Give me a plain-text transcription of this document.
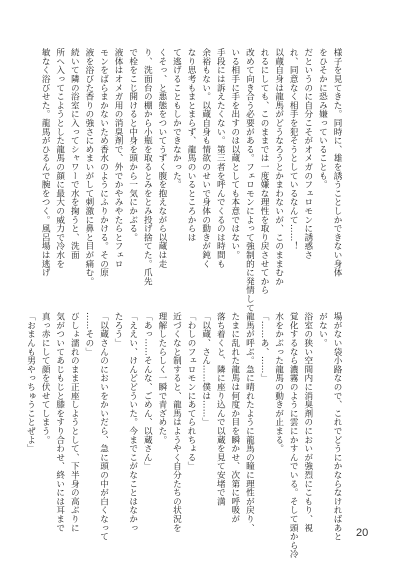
様子を見てきた。同時に、雄を誘うことしかできない身体

をひそかに恐み嫌っていることも。

だというのに自分こそがオメガのフェロモンに誘惑さ

れ、同意なく相手を犯そうとしているなんて……！

以蔵自身は龍馬がどうなろうとかまわないが、このままむか

れるにしても、このままでは一度嫌な理性を取り戻させてから

改めて向き合う必要がある。フェロモンによって強制的に発情して

いる相手に手を出すのは以蔵としても本意ではない。

手段には訴えたくない。第三者を呼んでくるのは時間も

余裕もない。以蔵自身も情欲のせいで身体の動きが鈍く

なり思考もまとまらず、龍馬のいるところからは

て逃げることもしかできなかった。

くそっ、と悪態をついてうずく腹を抱えながら以蔵は走

り、洗面台の棚から小瓶を取るとみをとみ投げ捨てた。爪先

で栓をこじ開けると中身を頭から一気にかぶる。

液体はオメガ用の消臭剤で、外でかやみやたらとフェロ

モンをばらまかないため香水のようにふりかける。その原

液を浴びた香りの強さにめまいがして刺激に鼻と目が痛む。

続いて隣の浴室に入ってシャワーで水を掬うと、洗面

所へ入ってこようとした龍馬の顔に最大の威力で冷水を

敏なく浴びせた。龍馬がひるんで腕をつく。風呂場は逃げ

場がない袋小路なので、これでどうにかならなければあと

がない。

浴室の狭い空間内に消臭剤のにおいが強烈にこもり、視

覚化するなら濃霧のように雲にかすんでいる。そして頭から冷

水をかぶった龍馬の動きが止まる。

「……あ、……」

龍馬が呼ぶ。急に晴れたように龍馬の瞳に理性が戻り、

たまに乱れた龍馬は何度か目を瞬かせ、次第に呼吸が

落ち着くと、隣に座り込んで以蔵を見て安堵で満

「以蔵、さん……僕は……」

「わしのフェロモンにあてられちょる」

近づくなと制すると、龍馬はようやく自分たちの状況を

理解したらしく一瞬で青ざめた。

「あっ……そんな、ごめん、以蔵さん」

「ええい、けんどどういた。今までこがなことはなかっ

たろう」

「以蔵さんのにおいをかいだら、急に頭の中が白くなって

……その」

びしょ濡れのまま正座しようとして、下半身の高ぶりに

気がついてあじもじと膝をすり合わせ、終いには耳まで

真っ赤にして顔を伏せてしまう。

「おまんも男やっちゅうことぜよ」

20
